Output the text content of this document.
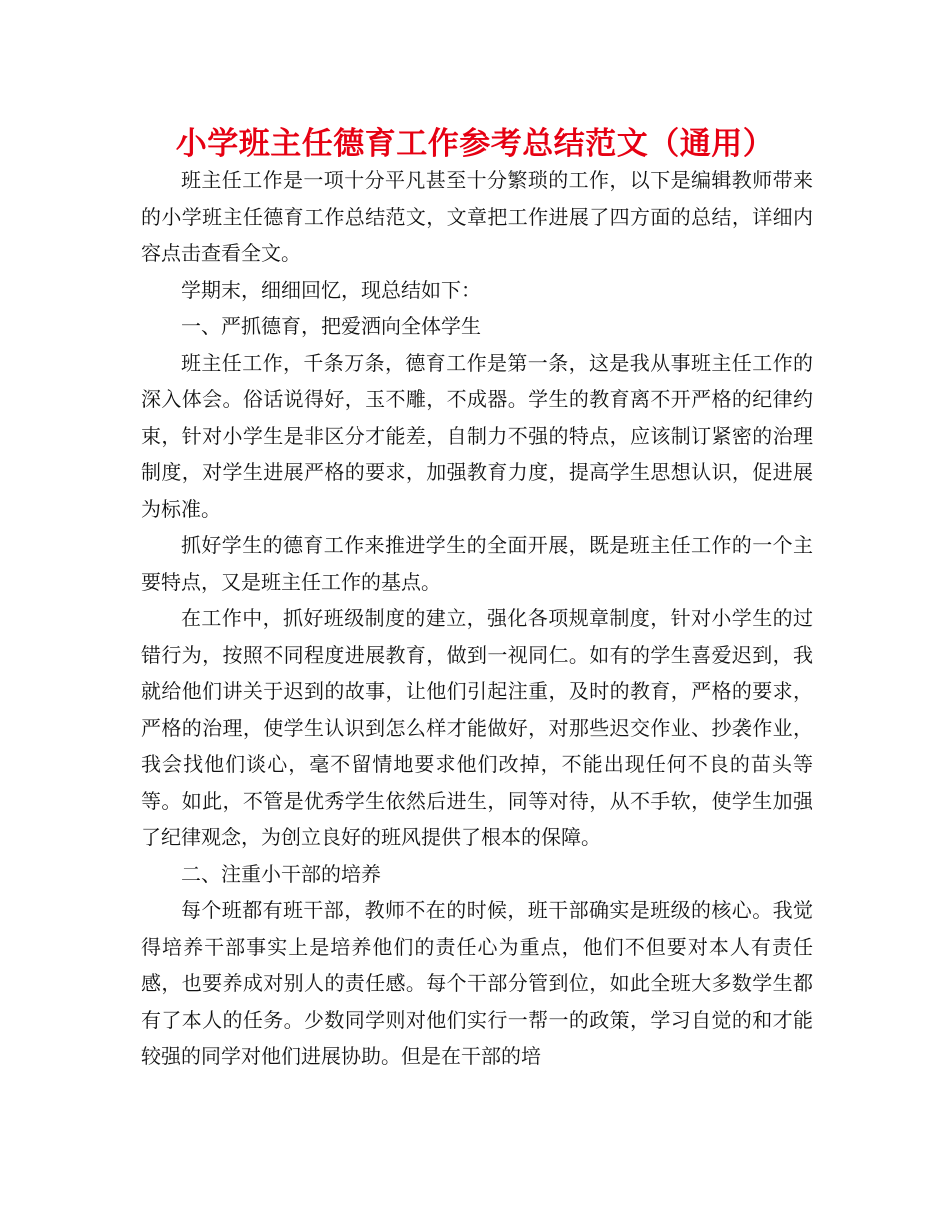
小学班主任德育工作参考总结范文（通用）

班主任工作是一项十分平凡甚至十分繁琐的工作，以下是编辑教师带来的小学班主任德育工作总结范文，文章把工作进展了四方面的总结，详细内容点击查看全文。

学期末，细细回忆，现总结如下：

一、严抓德育，把爱洒向全体学生

班主任工作，千条万条，德育工作是第一条，这是我从事班主任工作的深入体会。俗话说得好，玉不雕，不成器。学生的教育离不开严格的纪律约束，针对小学生是非区分才能差，自制力不强的特点，应该制订紧密的治理制度，对学生进展严格的要求，加强教育力度，提高学生思想认识，促进展为标准。

抓好学生的德育工作来推进学生的全面开展，既是班主任工作的一个主要特点，又是班主任工作的基点。

在工作中，抓好班级制度的建立，强化各项规章制度，针对小学生的过错行为，按照不同程度进展教育，做到一视同仁。如有的学生喜爱迟到，我就给他们讲关于迟到的故事，让他们引起注重，及时的教育，严格的要求，严格的治理，使学生认识到怎么样才能做好，对那些迟交作业、抄袭作业，我会找他们谈心，毫不留情地要求他们改掉，不能出现任何不良的苗头等等。如此，不管是优秀学生依然后进生，同等对待，从不手软，使学生加强了纪律观念，为创立良好的班风提供了根本的保障。

二、注重小干部的培养

每个班都有班干部，教师不在的时候，班干部确实是班级的核心。我觉得培养干部事实上是培养他们的责任心为重点，他们不但要对本人有责任感，也要养成对别人的责任感。每个干部分管到位，如此全班大多数学生都有了本人的任务。少数同学则对他们实行一帮一的政策，学习自觉的和才能较强的同学对他们进展协助。但是在干部的培
